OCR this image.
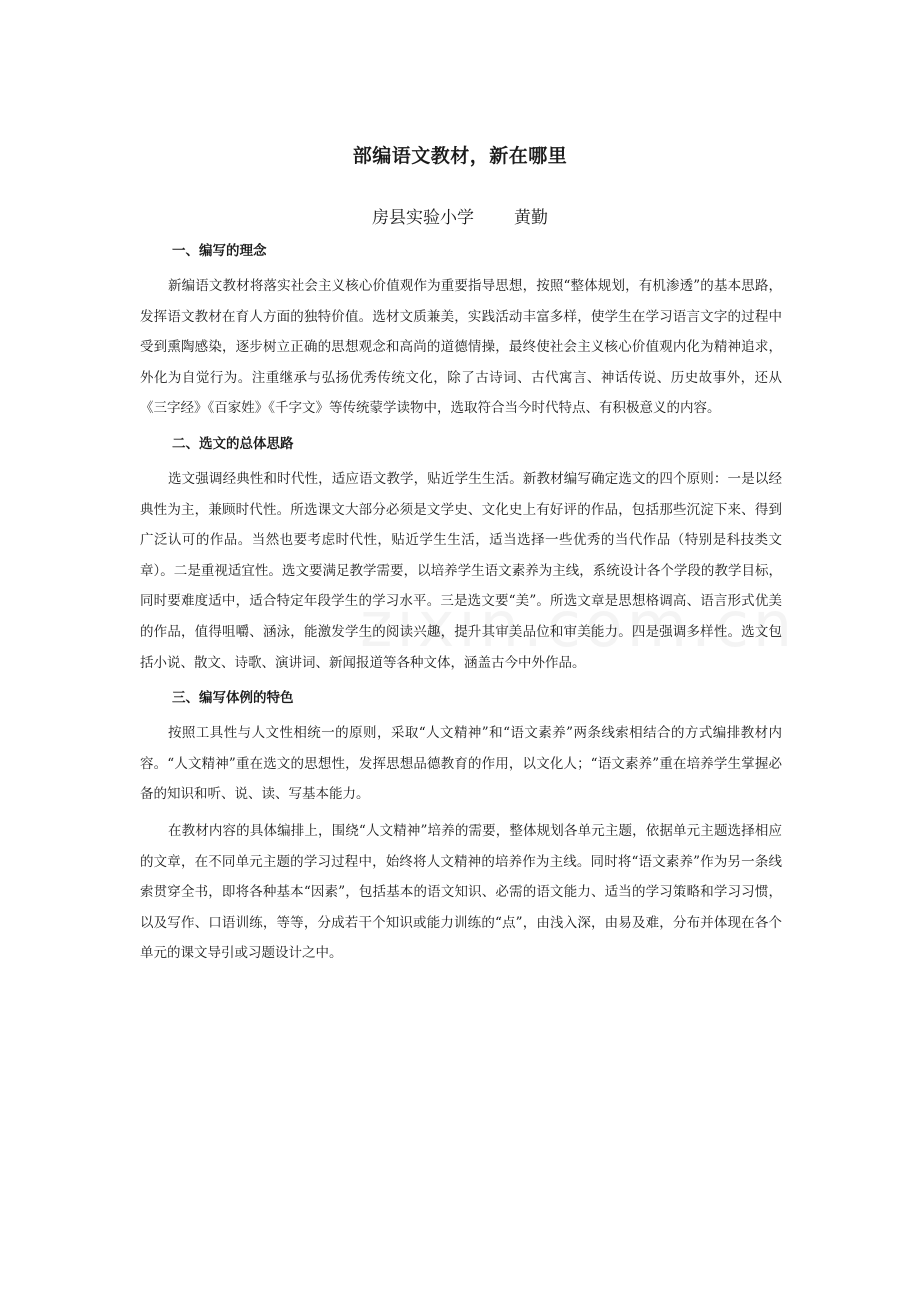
部编语文教材，新在哪里

房县实验小学 黄勤

一、编写的理念

新编语文教材将落实社会主义核心价值观作为重要指导思想，按照“整体规划，有机渗透”的基本思路，发挥语文教材在育人方面的独特价值。选材文质兼美，实践活动丰富多样，使学生在学习语言文字的过程中受到熏陶感染，逐步树立正确的思想观念和高尚的道德情操，最终使社会主义核心价值观内化为精神追求，外化为自觉行为。注重继承与弘扬优秀传统文化，除了古诗词、古代寓言、神话传说、历史故事外，还从《三字经》《百家姓》《千字文》等传统蒙学读物中，选取符合当今时代特点、有积极意义的内容。

二、选文的总体思路

选文强调经典性和时代性，适应语文教学，贴近学生生活。新教材编写确定选文的四个原则：一是以经典性为主，兼顾时代性。所选课文大部分必须是文学史、文化史上有好评的作品，包括那些沉淀下来、得到广泛认可的作品。当然也要考虑时代性，贴近学生生活，适当选择一些优秀的当代作品（特别是科技类文章）。二是重视适宜性。选文要满足教学需要，以培养学生语文素养为主线，系统设计各个学段的教学目标，同时要难度适中，适合特定年段学生的学习水平。三是选文要“美”。所选文章是思想格调高、语言形式优美的作品，值得咀嚼、涵泳，能激发学生的阅读兴趣，提升其审美品位和审美能力。四是强调多样性。选文包括小说、散文、诗歌、演讲词、新闻报道等各种文体，涵盖古今中外作品。

三、编写体例的特色

按照工具性与人文性相统一的原则，采取“人文精神”和“语文素养”两条线索相结合的方式编排教材内容。“人文精神”重在选文的思想性，发挥思想品德教育的作用，以文化人；“语文素养”重在培养学生掌握必备的知识和听、说、读、写基本能力。

在教材内容的具体编排上，围绕“人文精神”培养的需要，整体规划各单元主题，依据单元主题选择相应的文章，在不同单元主题的学习过程中，始终将人文精神的培养作为主线。同时将“语文素养”作为另一条线索贯穿全书，即将各种基本“因素”，包括基本的语文知识、必需的语文能力、适当的学习策略和学习习惯，以及写作、口语训练，等等，分成若干个知识或能力训练的“点”，由浅入深，由易及难，分布并体现在各个单元的课文导引或习题设计之中。
